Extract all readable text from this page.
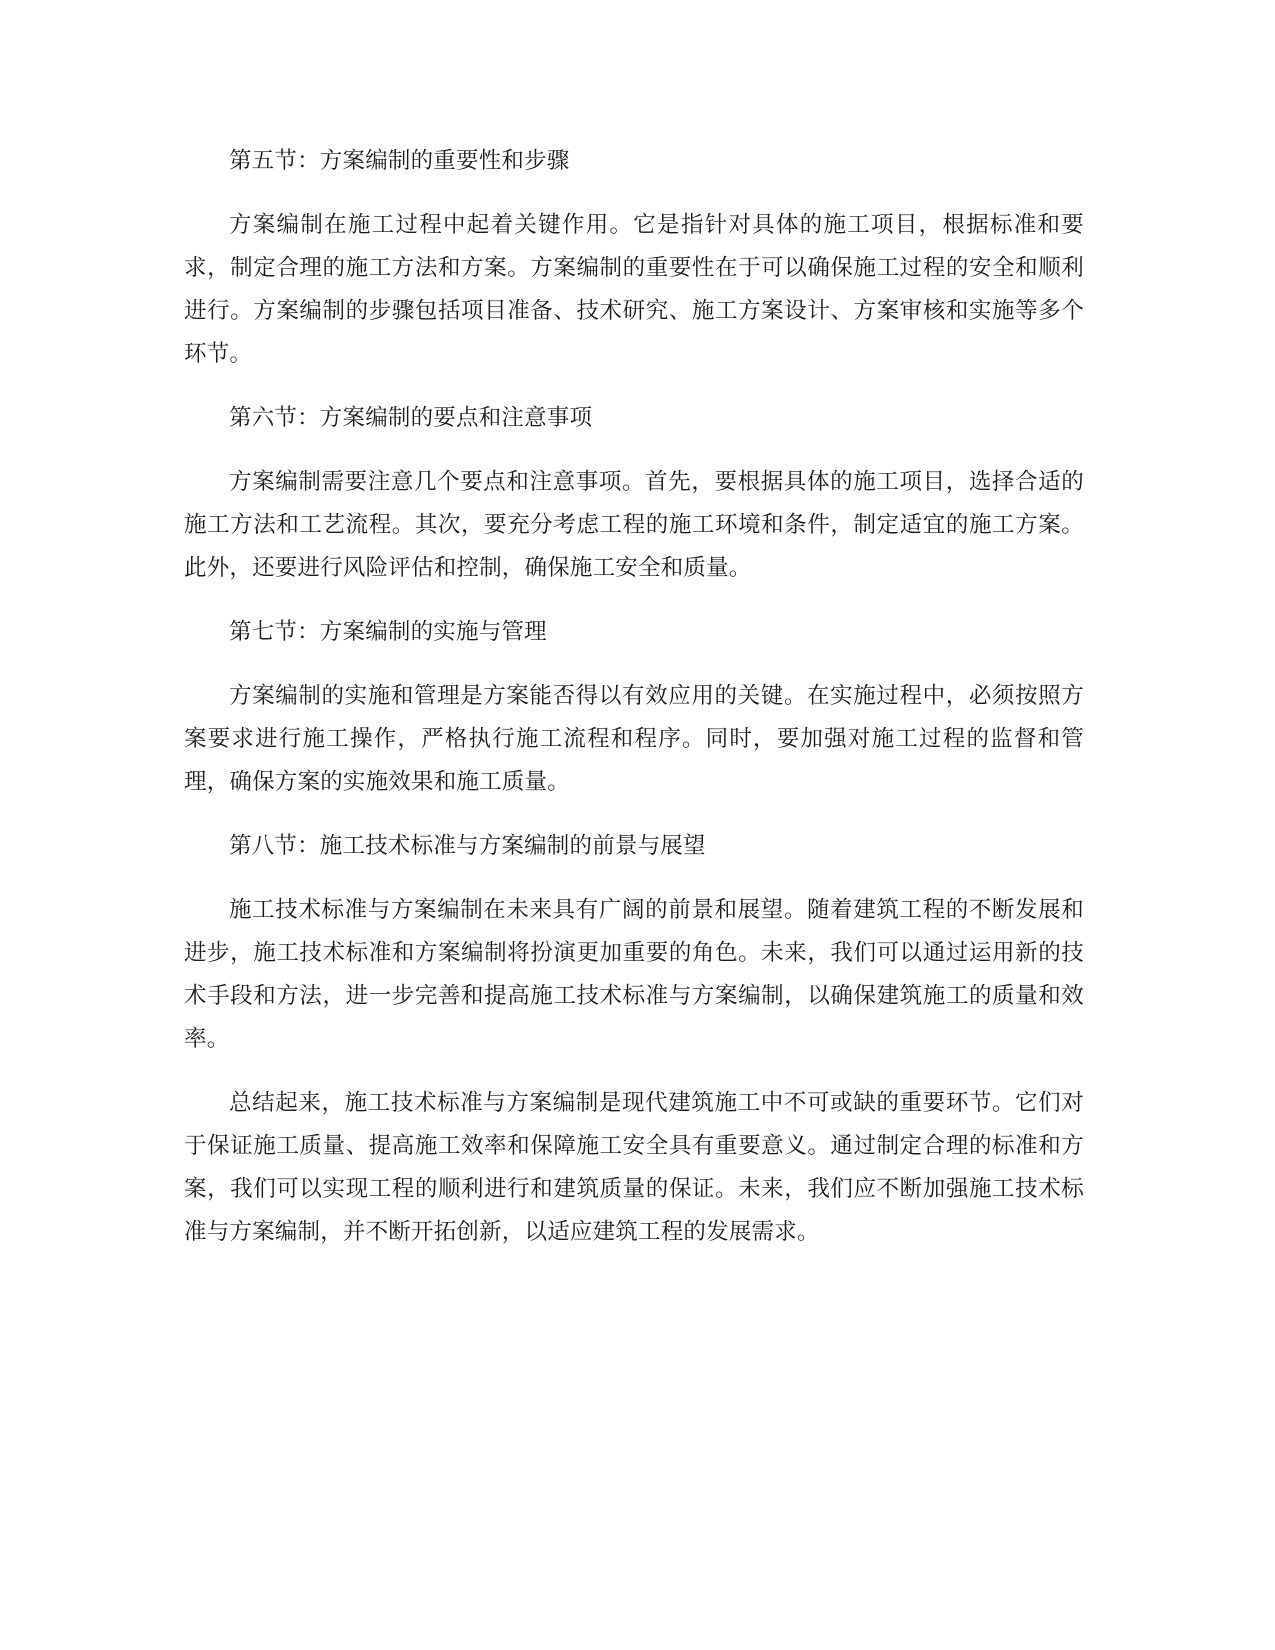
第五节：方案编制的重要性和步骤

方案编制在施工过程中起着关键作用。它是指针对具体的施工项目，根据标准和要求，制定合理的施工方法和方案。方案编制的重要性在于可以确保施工过程的安全和顺利进行。方案编制的步骤包括项目准备、技术研究、施工方案设计、方案审核和实施等多个环节。

第六节：方案编制的要点和注意事项

方案编制需要注意几个要点和注意事项。首先，要根据具体的施工项目，选择合适的施工方法和工艺流程。其次，要充分考虑工程的施工环境和条件，制定适宜的施工方案。此外，还要进行风险评估和控制，确保施工安全和质量。

第七节：方案编制的实施与管理

方案编制的实施和管理是方案能否得以有效应用的关键。在实施过程中，必须按照方案要求进行施工操作，严格执行施工流程和程序。同时，要加强对施工过程的监督和管理，确保方案的实施效果和施工质量。

第八节：施工技术标准与方案编制的前景与展望

施工技术标准与方案编制在未来具有广阔的前景和展望。随着建筑工程的不断发展和进步，施工技术标准和方案编制将扮演更加重要的角色。未来，我们可以通过运用新的技术手段和方法，进一步完善和提高施工技术标准与方案编制，以确保建筑施工的质量和效率。

总结起来，施工技术标准与方案编制是现代建筑施工中不可或缺的重要环节。它们对于保证施工质量、提高施工效率和保障施工安全具有重要意义。通过制定合理的标准和方案，我们可以实现工程的顺利进行和建筑质量的保证。未来，我们应不断加强施工技术标准与方案编制，并不断开拓创新，以适应建筑工程的发展需求。
